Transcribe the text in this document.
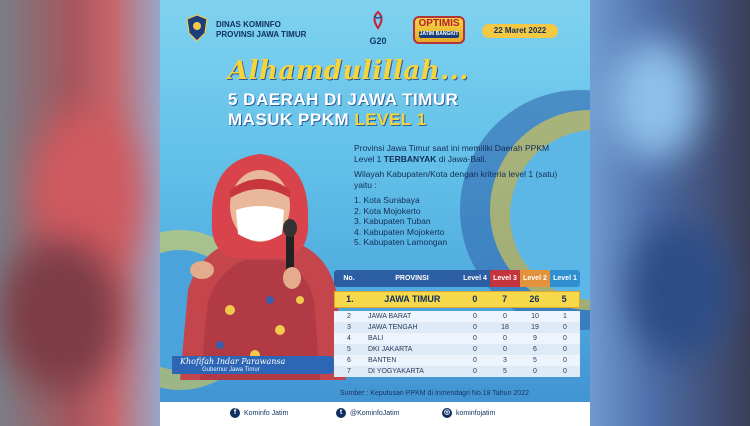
DINAS KOMINFO
PROVINSI JAWA TIMUR
G20
OPTIMIS
JATIM BANGKIT	22 Maret 2022
Alhamdulillah...
5 DAERAH DI JAWA TIMUR
MASUK PPKM LEVEL 1

Provinsi Jawa Timur saat ini memiliki Daerah PPKM Level 1 TERBANYAK di Jawa-Bali.

Wilayah Kabupaten/Kota dengan kriteria level 1 (satu) yaitu :

1. Kota Surabaya
2. Kota Mojokerto
3. Kabupaten Tuban
4. Kabupaten Mojokerto
5. Kabupaten Lamongan
Khofifah Indar Parawansa
Gubernur Jawa Timur
No.	PROVINSI	Level 4 Level 3 Level 2 Level 1
1.	JAWA TIMUR	0	7	26	5
2	JAWA BARAT	0	0	10	1
3	JAWA TENGAH	0	18	19	0
4	BALI	0	0	9	0
5	DKI JAKARTA	0	0	6	0
6	BANTEN	0	3	5	0
7	DI YOGYAKARTA	0	5	0	0
Sumber : Keputusan PPKM di Inmendagri No.18 Tahun 2022
f	Kominfo Jatim	t	@KominfoJatim	◎ kominfojatim
